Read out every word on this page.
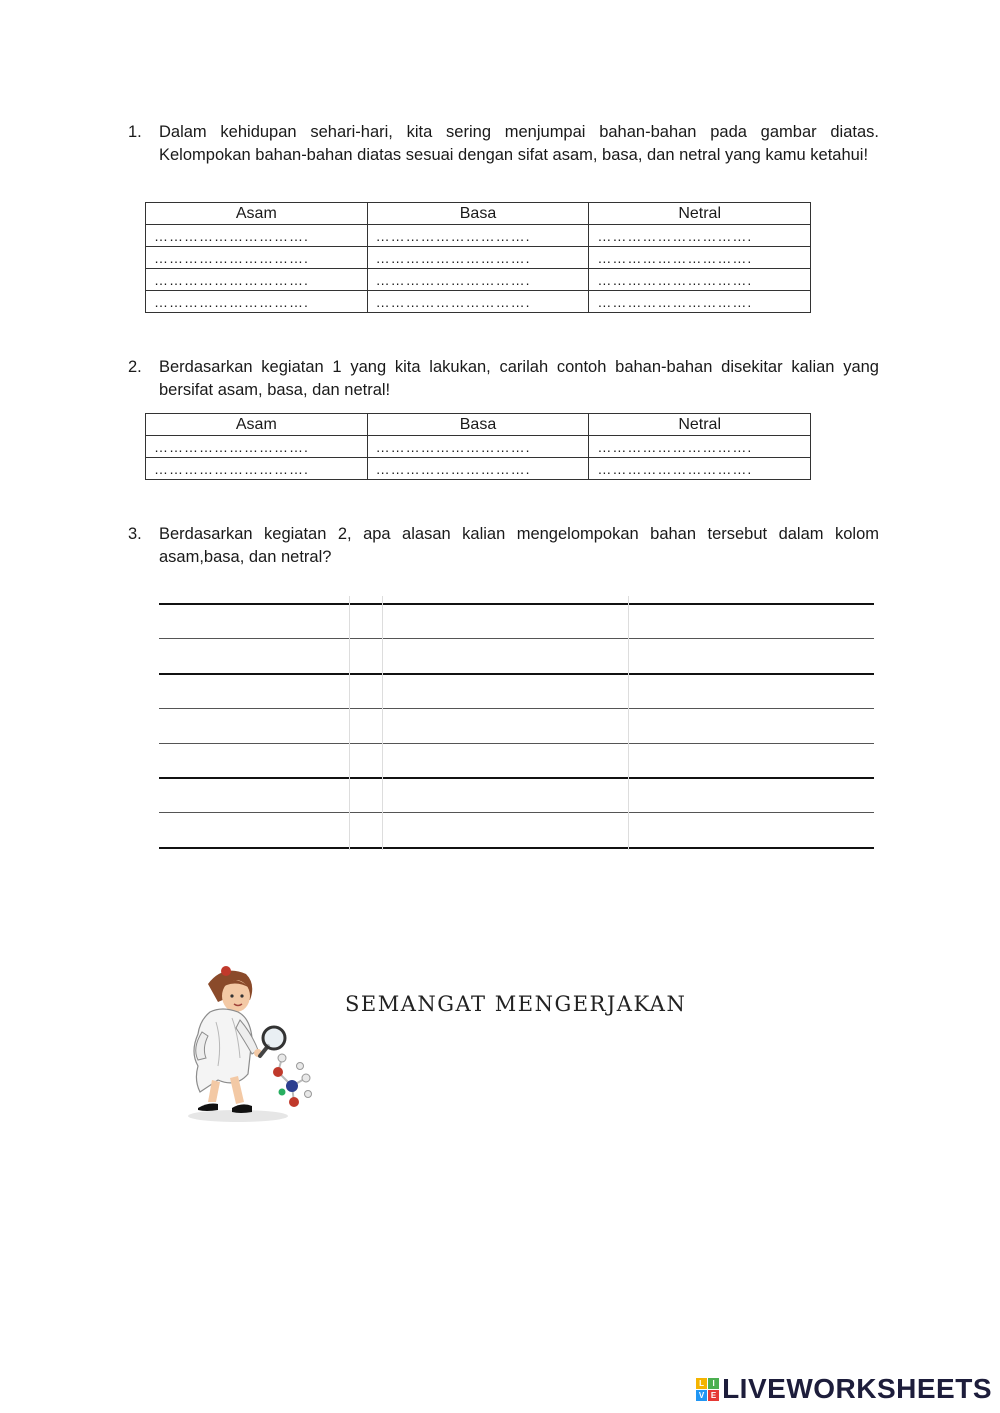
1. Dalam kehidupan sehari-hari, kita sering menjumpai bahan-bahan pada gambar diatas. Kelompokan bahan-bahan diatas sesuai dengan sifat asam, basa, dan netral yang kamu ketahui!
Asam	Basa	Netral
………………………….	………………………….	………………………….
………………………….	………………………….	………………………….
………………………….	………………………….	………………………….
………………………….	………………………….	………………………….
2. Berdasarkan kegiatan 1 yang kita lakukan, carilah contoh bahan-bahan disekitar kalian yang bersifat asam, basa, dan netral!
Asam	Basa	Netral
………………………….	………………………….	………………………….
………………………….	………………………….	………………………….
3. Berdasarkan kegiatan 2, apa alasan kalian mengelompokan bahan tersebut dalam kolom asam,basa, dan netral?
SEMANGAT MENGERJAKAN
L	I
V E LIVEWORKSHEETS
